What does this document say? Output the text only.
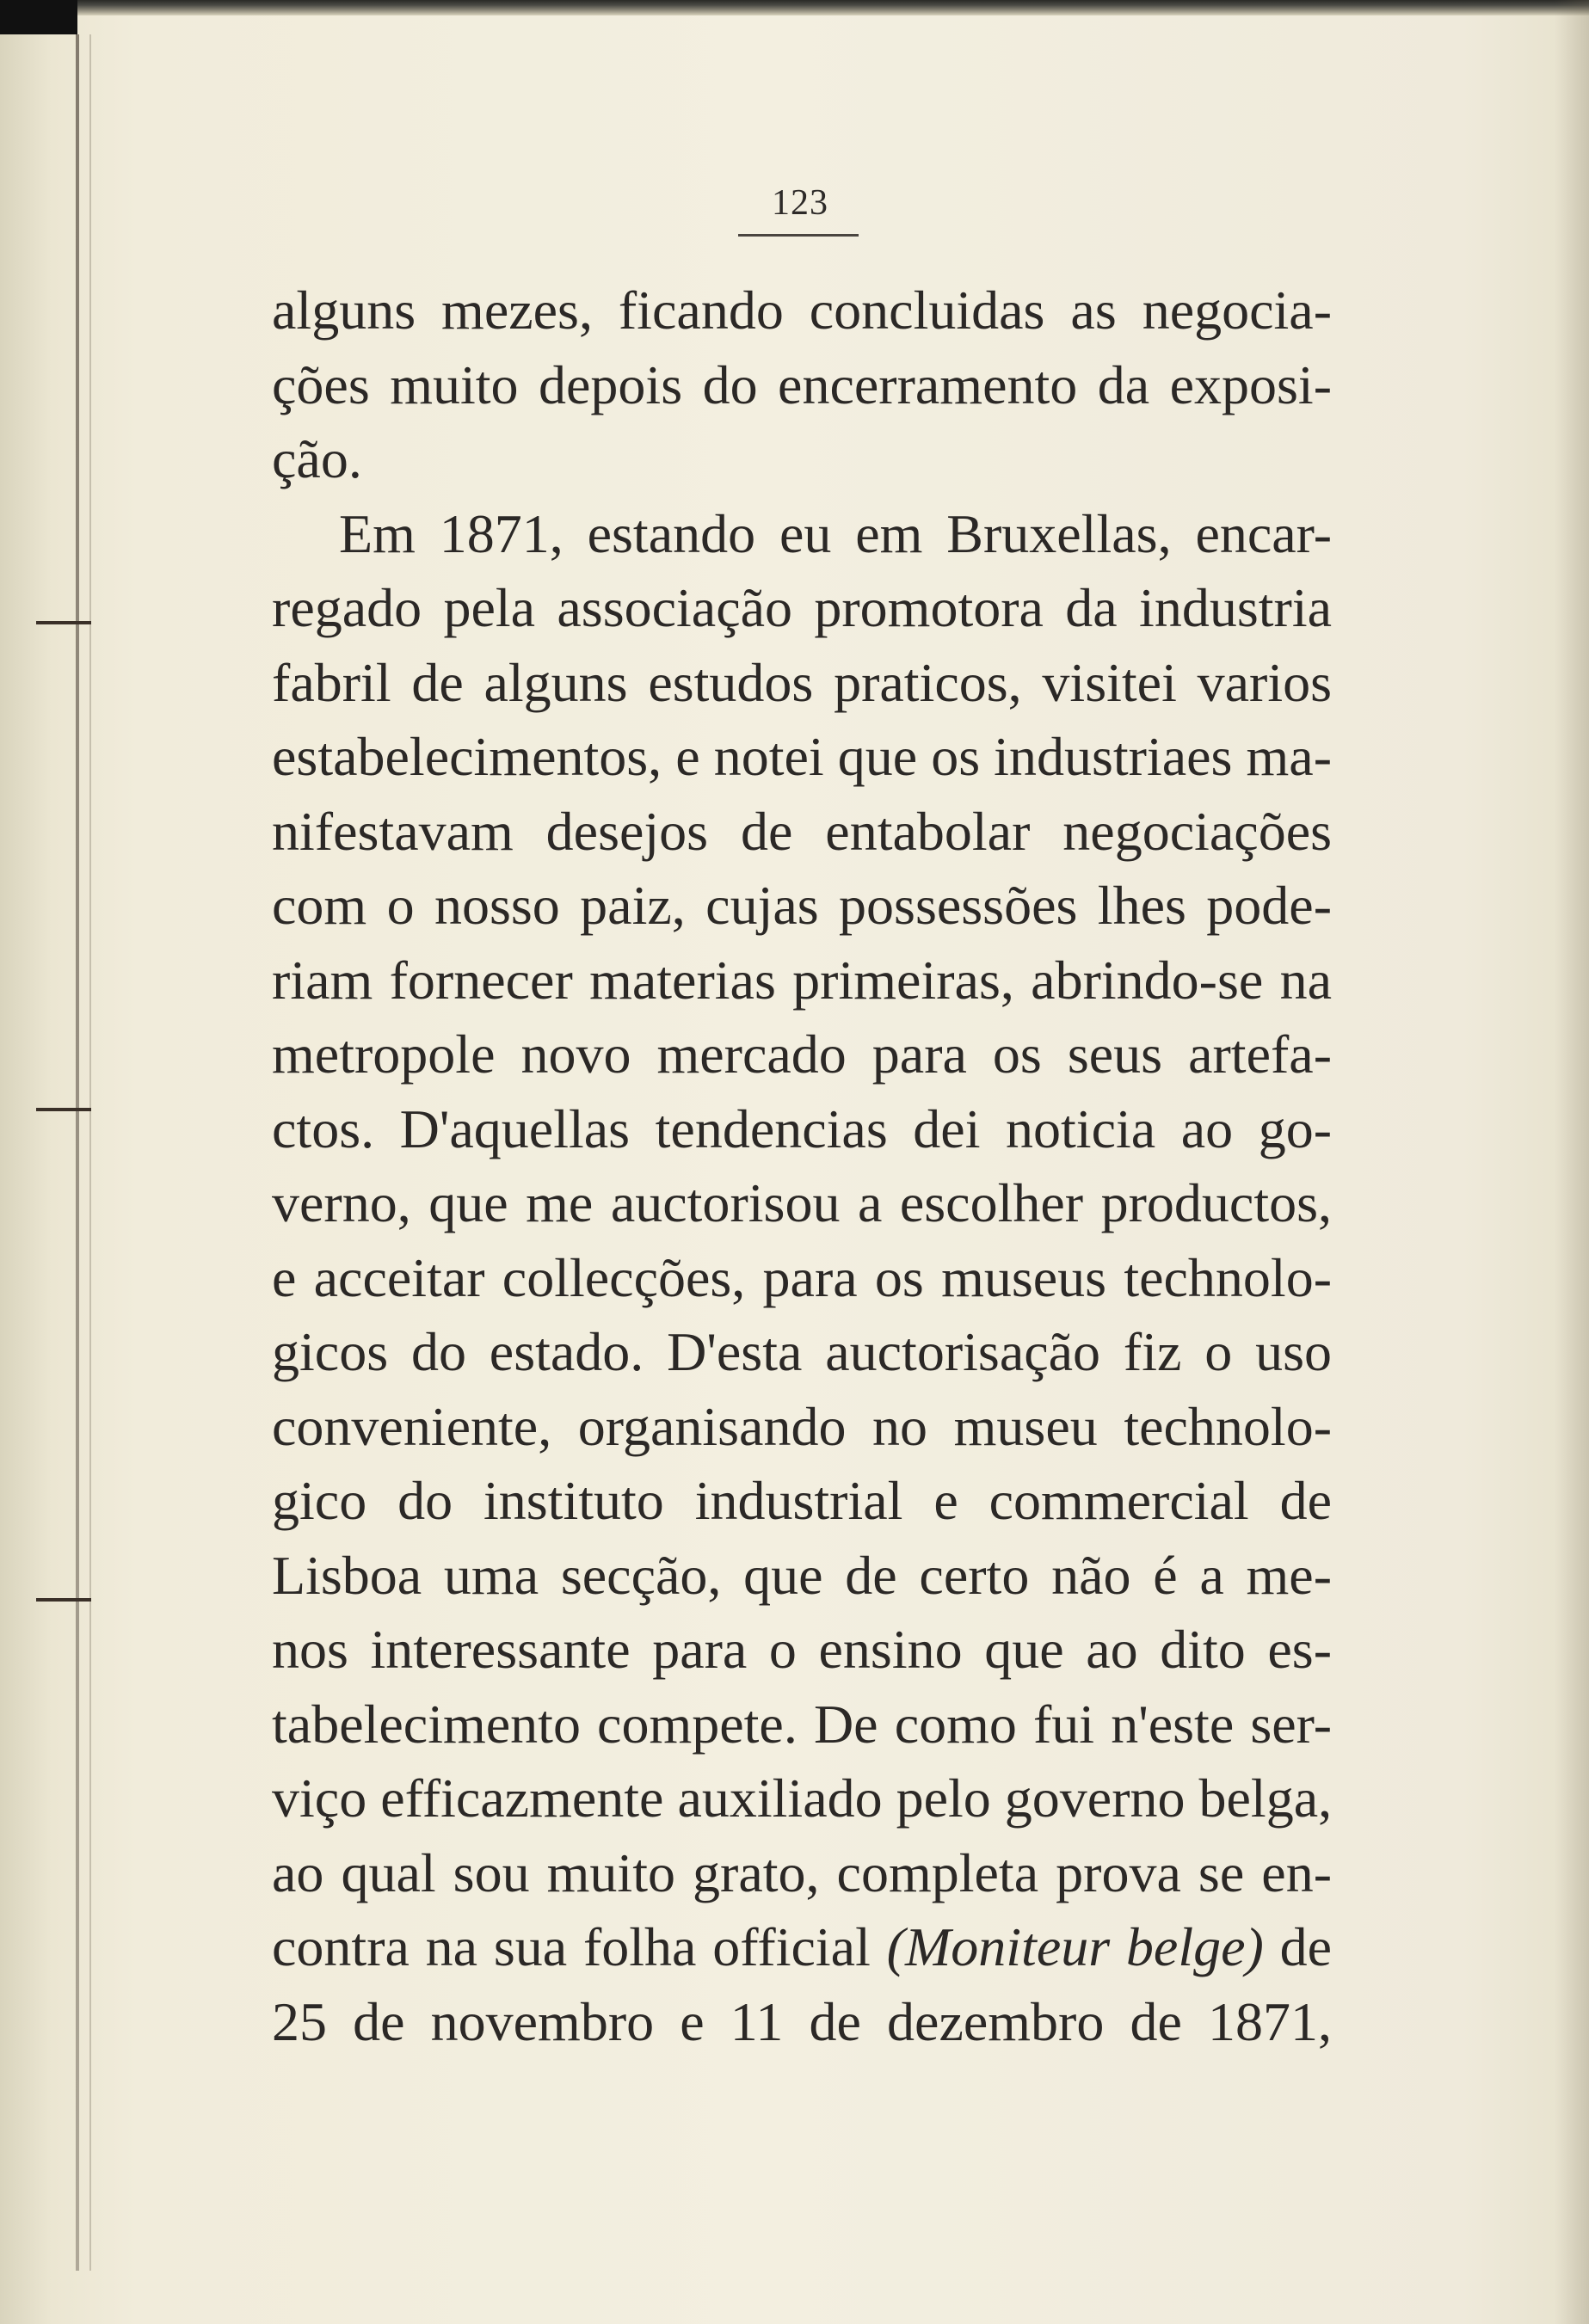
123
alguns mezes, ficando concluidas as negocia-
ções muito depois do encerramento da exposi-
ção.
Em 1871, estando eu em Bruxellas, encar-
regado pela associação promotora da industria
fabril de alguns estudos praticos, visitei varios
estabelecimentos, e notei que os industriaes ma-
nifestavam desejos de entabolar negociações
com o nosso paiz, cujas possessões lhes pode-
riam fornecer materias primeiras, abrindo-se na
metropole novo mercado para os seus artefa-
ctos. D'aquellas tendencias dei noticia ao go-
verno, que me auctorisou a escolher productos,
e acceitar collecções, para os museus technolo-
gicos do estado. D'esta auctorisação fiz o uso
conveniente, organisando no museu technolo-
gico do instituto industrial e commercial de
Lisboa uma secção, que de certo não é a me-
nos interessante para o ensino que ao dito es-
tabelecimento compete. De como fui n'este ser-
viço efficazmente auxiliado pelo governo belga,
ao qual sou muito grato, completa prova se en-
contra na sua folha official (Moniteur belge) de
25 de novembro e 11 de dezembro de 1871,
